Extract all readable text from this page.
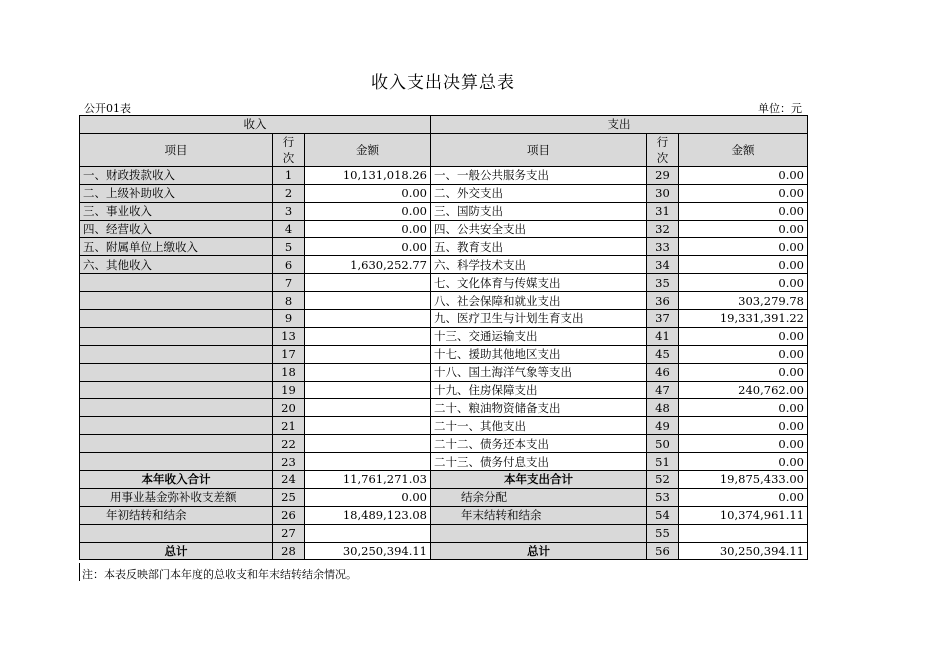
收入支出决算总表
公开01表	单位：元
收入			支出		
项目	行次	金额	项目	行次	金额
一、财政拨款收入	1	10,131,018.26	一、一般公共服务支出	29	0.00
二、上级补助收入	2	0.00	二、外交支出	30	0.00
三、事业收入	3	0.00	三、国防支出	31	0.00
四、经营收入	4	0.00	四、公共安全支出	32	0.00
五、附属单位上缴收入	5	0.00	五、教育支出	33	0.00
六、其他收入	6	1,630,252.77	六、科学技术支出	34	0.00
	7		七、文化体育与传媒支出	35	0.00
	8		八、社会保障和就业支出	36	303,279.78
	9		九、医疗卫生与计划生育支出	37	19,331,391.22
	13		十三、交通运输支出	41	0.00
	17		十七、援助其他地区支出	45	0.00
	18		十八、国土海洋气象等支出	46	0.00
	19		十九、住房保障支出	47	240,762.00
	20		二十、粮油物资储备支出	48	0.00
	21		二十一、其他支出	49	0.00
	22		二十二、债务还本支出	50	0.00
	23		二十三、债务付息支出	51	0.00
本年收入合计	24	11,761,271.03	本年支出合计	52	19,875,433.00
用事业基金弥补收支差额	25	0.00	结余分配	53	0.00
年初结转和结余	26	18,489,123.08	年末结转和结余	54	10,374,961.11
	27			55	
总计	28	30,250,394.11	总计	56	30,250,394.11
注：本表反映部门本年度的总收支和年末结转结余情况。
